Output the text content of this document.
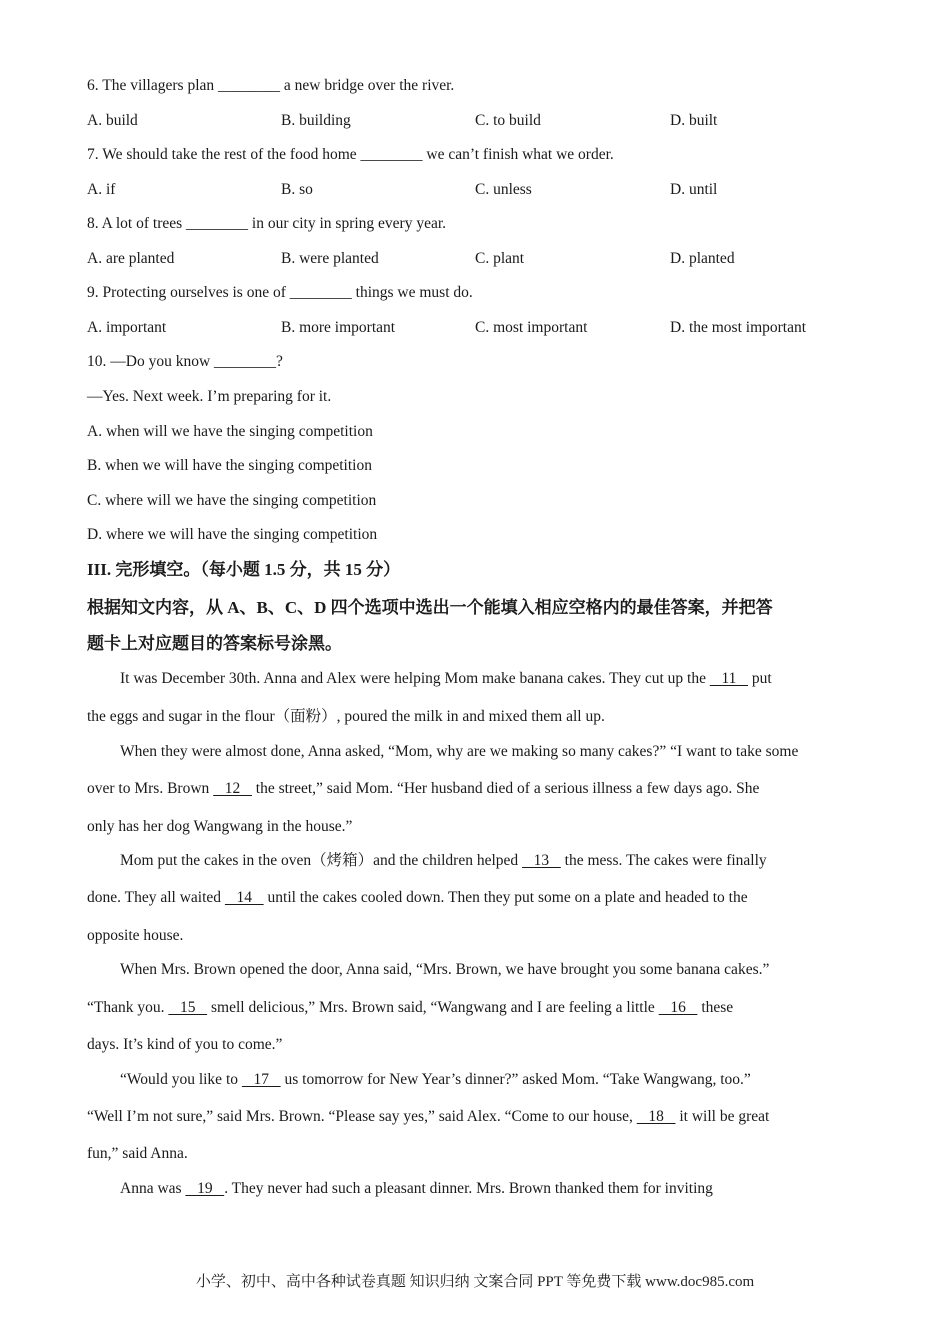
6. The villagers plan ________ a new bridge over the river.
A. build	B. building	C. to build	D. built
7. We should take the rest of the food home ________ we can’t finish what we order.
A. if	B. so	C. unless	D. until
8. A lot of trees ________ in our city in spring every year.
A. are planted	B. were planted	C. plant	D. planted
9. Protecting ourselves is one of ________ things we must do.
A. important	B. more important	C. most important	D. the most important
10. —Do you know ________?
—Yes. Next week. I’m preparing for it.
A. when will we have the singing competition
B. when we will have the singing competition
C. where will we have the singing competition
D. where we will have the singing competition
III. 完形填空。（每小题 1.5 分，共 15 分）
根据知文内容，从 A、B、C、D 四个选项中选出一个能填入相应空格内的最佳答案，并把答
题卡上对应题目的答案标号涂黑。
It was December 30th. Anna and Alex were helping Mom make banana cakes. They cut up the    11    put
the eggs and sugar in the flour（面粉）, poured the milk in and mixed them all up.
When they were almost done, Anna asked, “Mom, why are we making so many cakes?” “I want to take some
over to Mrs. Brown    12    the street,” said Mom. “Her husband died of a serious illness a few days ago. She
only has her dog Wangwang in the house.”
Mom put the cakes in the oven（烤箱）and the children helped    13    the mess. The cakes were finally
done. They all waited    14    until the cakes cooled down. Then they put some on a plate and headed to the
opposite house.
When Mrs. Brown opened the door, Anna said, “Mrs. Brown, we have brought you some banana cakes.”
“Thank you.    15    smell delicious,” Mrs. Brown said, “Wangwang and I are feeling a little    16    these
days. It’s kind of you to come.”
“Would you like to    17    us tomorrow for New Year’s dinner?” asked Mom. “Take Wangwang, too.”
“Well I’m not sure,” said Mrs. Brown. “Please say yes,” said Alex. “Come to our house,    18    it will be great
fun,” said Anna.
Anna was    19   . They never had such a pleasant dinner. Mrs. Brown thanked them for inviting
小学、初中、高中各种试卷真题 知识归纳 文案合同 PPT 等免费下载 www.doc985.com
